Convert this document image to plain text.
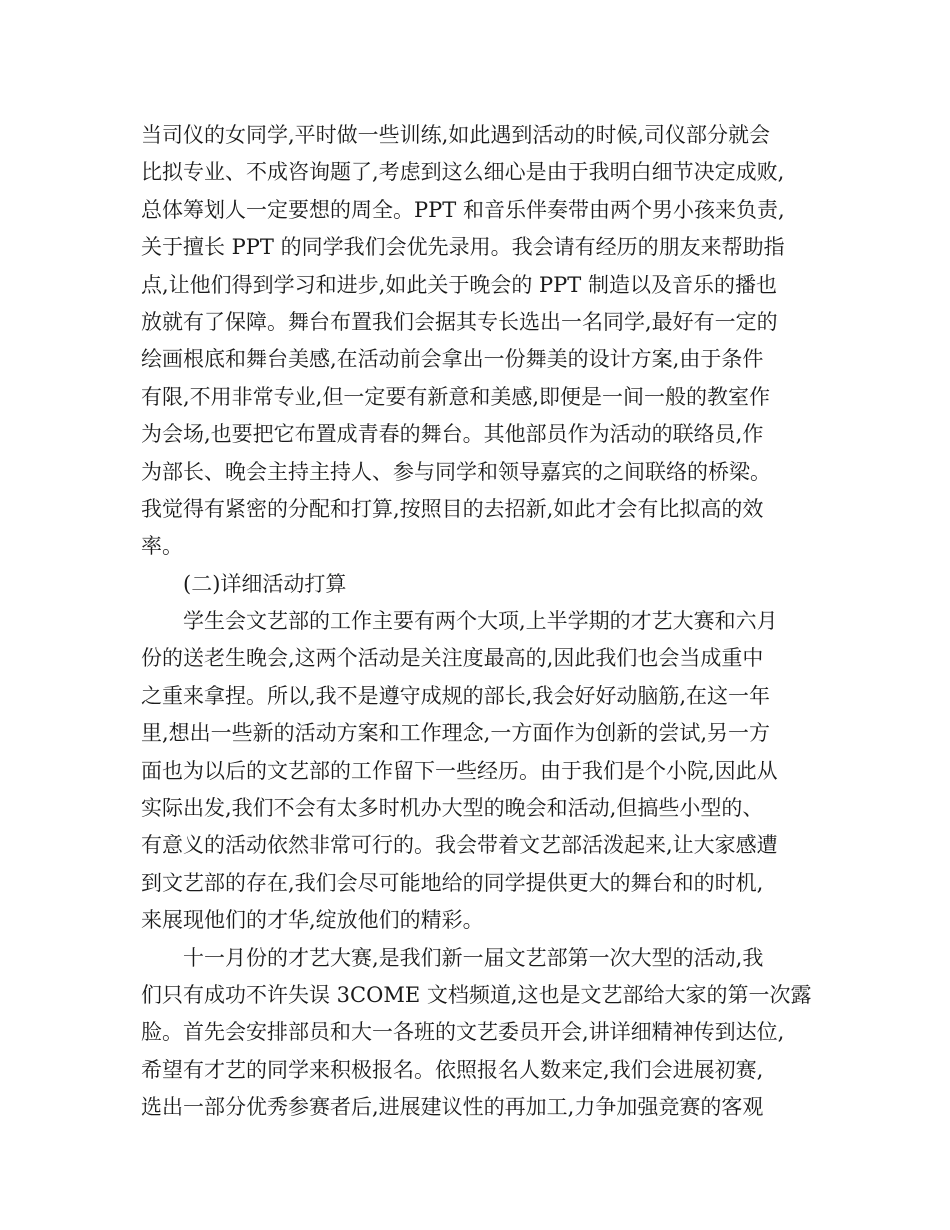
当司仪的女同学,平时做一些训练,如此遇到活动的时候,司仪部分就会
比拟专业、不成咨询题了,考虑到这么细心是由于我明白细节决定成败,
总体筹划人一定要想的周全。PPT 和音乐伴奏带由两个男小孩来负责,
关于擅长 PPT 的同学我们会优先录用。我会请有经历的朋友来帮助指
点,让他们得到学习和进步,如此关于晚会的 PPT 制造以及音乐的播也
放就有了保障。舞台布置我们会据其专长选出一名同学,最好有一定的
绘画根底和舞台美感,在活动前会拿出一份舞美的设计方案,由于条件
有限,不用非常专业,但一定要有新意和美感,即便是一间一般的教室作
为会场,也要把它布置成青春的舞台。其他部员作为活动的联络员,作
为部长、晚会主持主持人、参与同学和领导嘉宾的之间联络的桥梁。
我觉得有紧密的分配和打算,按照目的去招新,如此才会有比拟高的效
率。
(二)详细活动打算
学生会文艺部的工作主要有两个大项,上半学期的才艺大赛和六月
份的送老生晚会,这两个活动是关注度最高的,因此我们也会当成重中
之重来拿捏。所以,我不是遵守成规的部长,我会好好动脑筋,在这一年
里,想出一些新的活动方案和工作理念,一方面作为创新的尝试,另一方
面也为以后的文艺部的工作留下一些经历。由于我们是个小院,因此从
实际出发,我们不会有太多时机办大型的晚会和活动,但搞些小型的、
有意义的活动依然非常可行的。我会带着文艺部活泼起来,让大家感遭
到文艺部的存在,我们会尽可能地给的同学提供更大的舞台和的时机,
来展现他们的才华,绽放他们的精彩。
十一月份的才艺大赛,是我们新一届文艺部第一次大型的活动,我
们只有成功不许失误 3COME 文档频道,这也是文艺部给大家的第一次露
脸。首先会安排部员和大一各班的文艺委员开会,讲详细精神传到达位,
希望有才艺的同学来积极报名。依照报名人数来定,我们会进展初赛,
选出一部分优秀参赛者后,进展建议性的再加工,力争加强竞赛的客观
